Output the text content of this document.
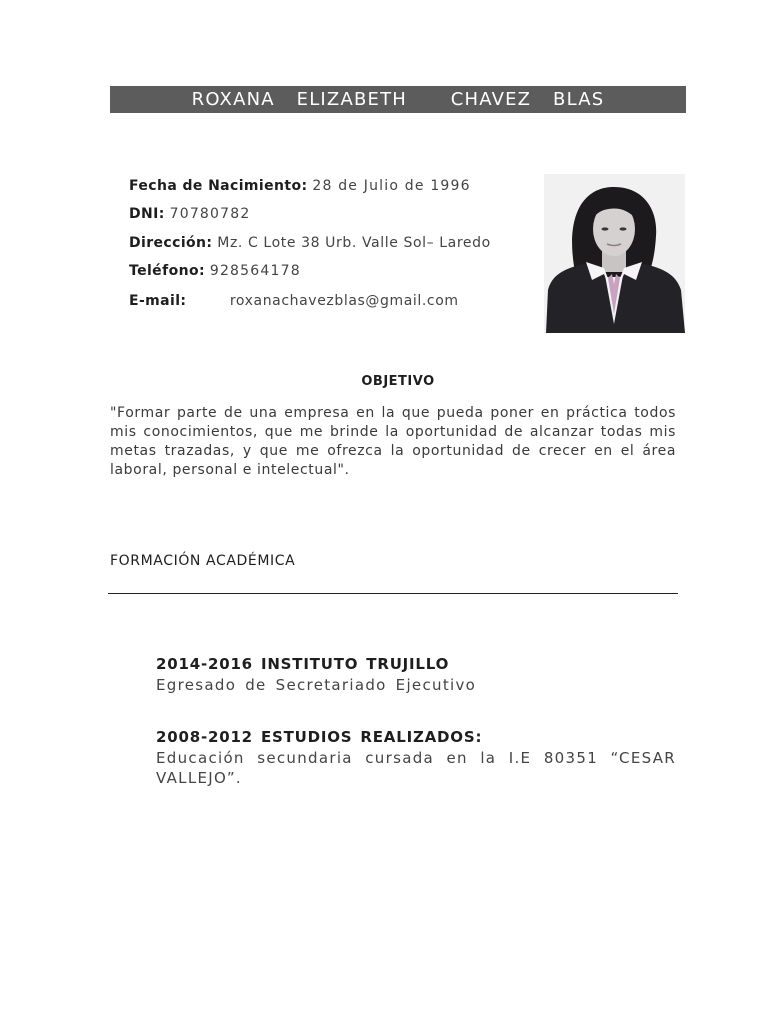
ROXANA  ELIZABETH    CHAVEZ  BLAS
Fecha de Nacimiento: 28 de Julio de 1996
DNI: 70780782
Dirección: Mz. C Lote 38 Urb. Valle Sol– Laredo
Teléfono: 928564178
E-mail:	roxanachavezblas@gmail.com
OBJETIVO
"Formar parte de una empresa en la que pueda poner en práctica todos mis conocimientos, que me brinde la oportunidad de alcanzar todas mis metas trazadas, y que me ofrezca la oportunidad de crecer en el área laboral, personal e intelectual".
FORMACIÓN ACADÉMICA
2014-2016 INSTITUTO TRUJILLO
Egresado de Secretariado Ejecutivo
2008-2012 ESTUDIOS REALIZADOS:
Educación secundaria cursada en la I.E 80351 “CESAR VALLEJO”.
